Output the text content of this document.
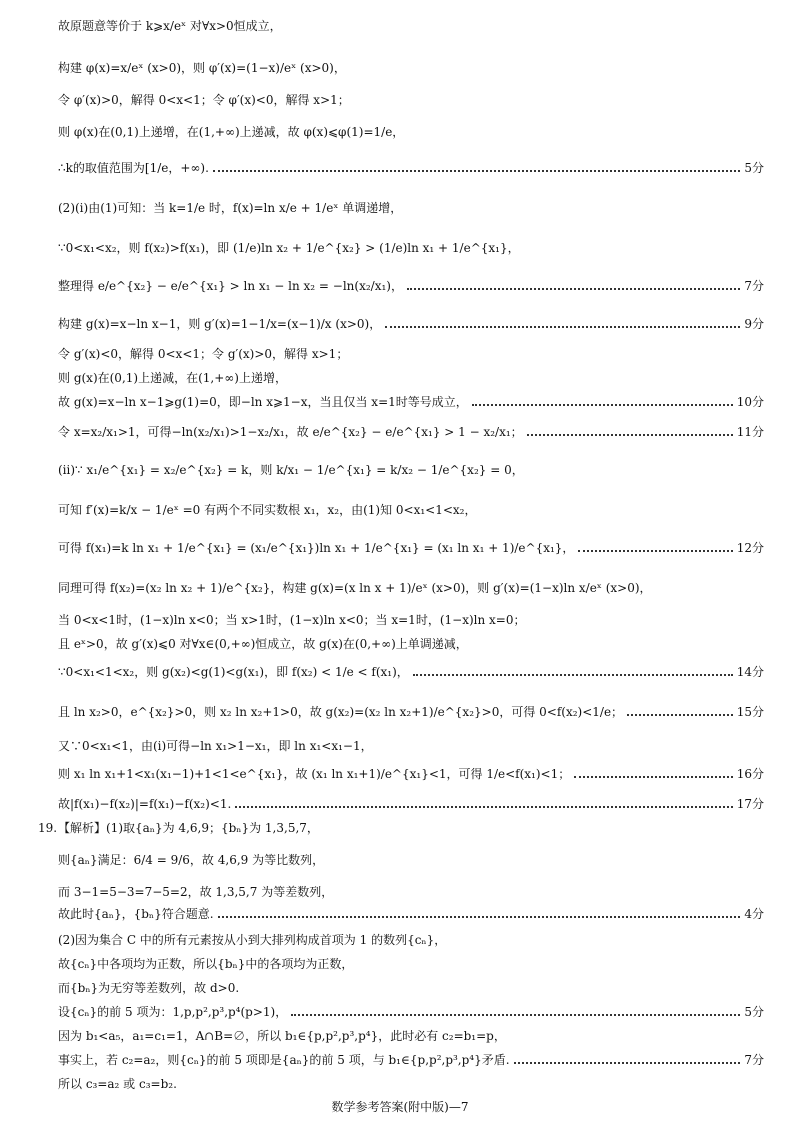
故原题意等价于 k⩾x/eˣ 对∀x>0恒成立，
构建 φ(x)=x/eˣ (x>0)，则 φ′(x)=(1−x)/eˣ (x>0)，
令 φ′(x)>0，解得 0<x<1；令 φ′(x)<0，解得 x>1；
则 φ(x)在(0,1)上递增，在(1,+∞)上递减，故 φ(x)⩽φ(1)=1/e，
∴k的取值范围为[1/e，+∞).	5分
(2)(ⅰ)由(1)可知：当 k=1/e 时，f(x)=ln x/e + 1/eˣ 单调递增，
∵0<x₁<x₂，则 f(x₂)>f(x₁)，即 (1/e)ln x₂ + 1/e^{x₂} > (1/e)ln x₁ + 1/e^{x₁}，
整理得 e/e^{x₂} − e/e^{x₁} > ln x₁ − ln x₂ = −ln(x₂/x₁)，	7分
构建 g(x)=x−ln x−1，则 g′(x)=1−1/x=(x−1)/x (x>0)，	9分
令 g′(x)<0，解得 0<x<1；令 g′(x)>0，解得 x>1；
则 g(x)在(0,1)上递减，在(1,+∞)上递增，
故 g(x)=x−ln x−1⩾g(1)=0，即−ln x⩾1−x，当且仅当 x=1时等号成立，	10分
令 x=x₂/x₁>1，可得−ln(x₂/x₁)>1−x₂/x₁，故 e/e^{x₂} − e/e^{x₁} > 1 − x₂/x₁；	11分
(ⅱ)∵ x₁/e^{x₁} = x₂/e^{x₂} = k，则 k/x₁ − 1/e^{x₁} = k/x₂ − 1/e^{x₂} = 0，
可知 f′(x)=k/x − 1/eˣ =0 有两个不同实数根 x₁，x₂，由(1)知 0<x₁<1<x₂，
可得 f(x₁)=k ln x₁ + 1/e^{x₁} = (x₁/e^{x₁})ln x₁ + 1/e^{x₁} = (x₁ ln x₁ + 1)/e^{x₁}，	12分
同理可得 f(x₂)=(x₂ ln x₂ + 1)/e^{x₂}，构建 g(x)=(x ln x + 1)/eˣ (x>0)，则 g′(x)=(1−x)ln x/eˣ (x>0)，
当 0<x<1时，(1−x)ln x<0；当 x>1时，(1−x)ln x<0；当 x=1时，(1−x)ln x=0；
且 eˣ>0，故 g′(x)⩽0 对∀x∈(0,+∞)恒成立，故 g(x)在(0,+∞)上单调递减，
∵0<x₁<1<x₂，则 g(x₂)<g(1)<g(x₁)，即 f(x₂) < 1/e < f(x₁)，	14分
且 ln x₂>0，e^{x₂}>0，则 x₂ ln x₂+1>0，故 g(x₂)=(x₂ ln x₂+1)/e^{x₂}>0，可得 0<f(x₂)<1/e；	15分
又∵0<x₁<1，由(ⅰ)可得−ln x₁>1−x₁，即 ln x₁<x₁−1，
则 x₁ ln x₁+1<x₁(x₁−1)+1<1<e^{x₁}，故 (x₁ ln x₁+1)/e^{x₁}<1，可得 1/e<f(x₁)<1；	16分
故|f(x₁)−f(x₂)|=f(x₁)−f(x₂)<1.	17分
19. 【解析】(1)取{aₙ}为 4,6,9；{bₙ}为 1,3,5,7，
则{aₙ}满足：6/4 = 9/6，故 4,6,9 为等比数列，
而 3−1=5−3=7−5=2，故 1,3,5,7 为等差数列，
故此时{aₙ}，{bₙ}符合题意.	4分
(2)因为集合 C 中的所有元素按从小到大排列构成首项为 1 的数列{cₙ}，
故{cₙ}中各项均为正数，所以{bₙ}中的各项均为正数，
而{bₙ}为无穷等差数列，故 d>0.
设{cₙ}的前 5 项为：1,p,p²,p³,p⁴(p>1)，	5分
因为 b₁<a₅，a₁=c₁=1，A∩B=∅，所以 b₁∈{p,p²,p³,p⁴}，此时必有 c₂=b₁=p，
事实上，若 c₂=a₂，则{cₙ}的前 5 项即是{aₙ}的前 5 项，与 b₁∈{p,p²,p³,p⁴}矛盾.	7分
所以 c₃=a₂ 或 c₃=b₂.
数学参考答案(附中版)—7
